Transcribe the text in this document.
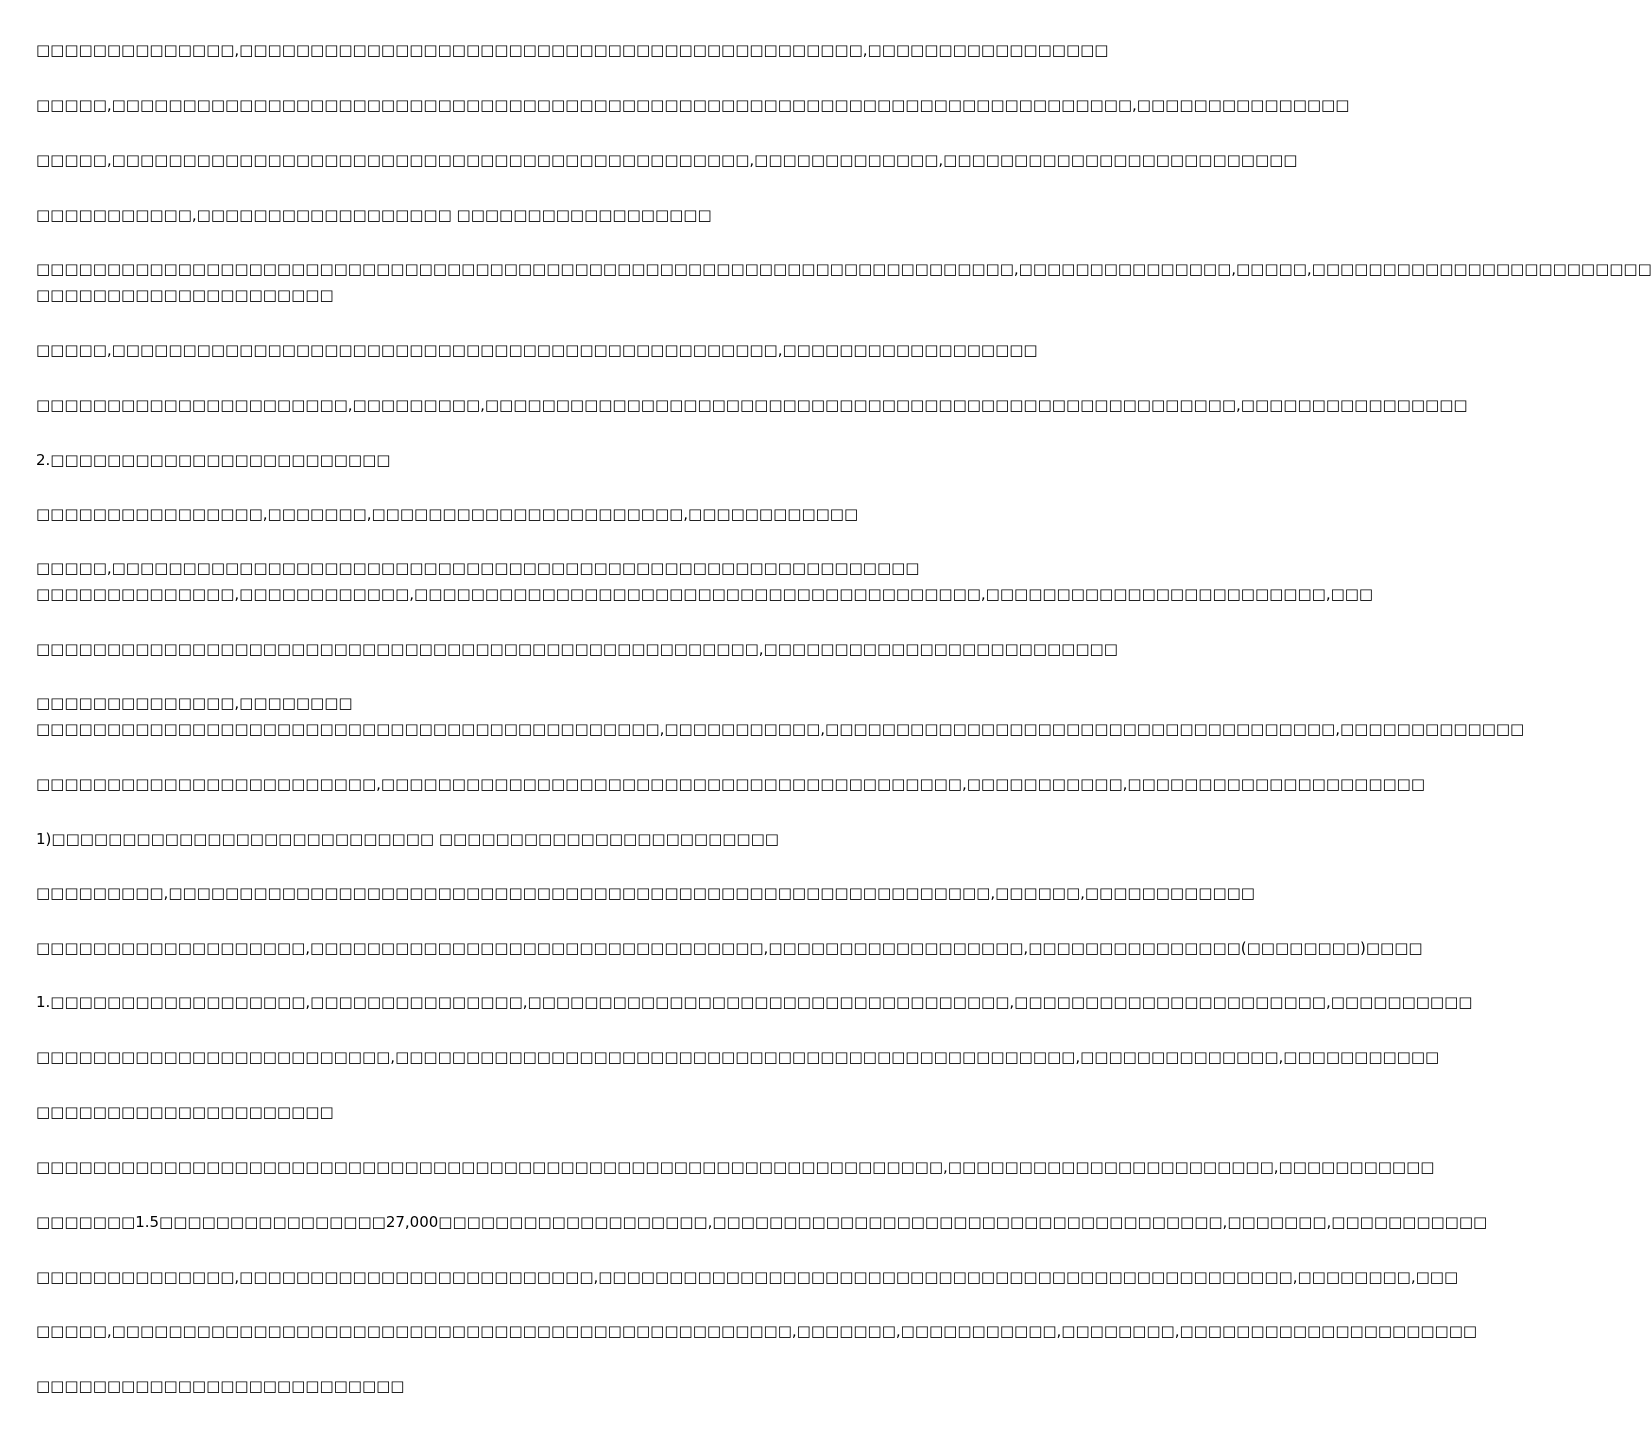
□□□□□□□□□□□□□□,□□□□□□□□□□□□□□□□□□□□□□□□□□□□□□□□□□□□□□□□□□□□,□□□□□□□□□□□□□□□□□
□□□□□,□□□□□□□□□□□□□□□□□□□□□□□□□□□□□□□□□□□□□□□□□□□□□□□□□□□□□□□□□□□□□□□□□□□□□□□□,□□□□□□□□□□□□□□□
□□□□□,□□□□□□□□□□□□□□□□□□□□□□□□□□□□□□□□□□□□□□□□□□□□□,□□□□□□□□□□□□□,□□□□□□□□□□□□□□□□□□□□□□□□□
□□□□□□□□□□□,□□□□□□□□□□□□□□□□□□ □□□□□□□□□□□□□□□□□□
□□□□□□□□□□□□□□□□□□□□□□□□□□□□□□□□□□□□□□□□□□□□□□□□□□□□□□□□□□□□□□□□□□□□□,□□□□□□□□□□□□□□□,□□□□□,□□□□□□□□□□□□□□□□□□□□□□□□
□□□□□□□□□□□□□□□□□□□□□
□□□□□,□□□□□□□□□□□□□□□□□□□□□□□□□□□□□□□□□□□□□□□□□□□□□□□,□□□□□□□□□□□□□□□□□□
□□□□□□□□□□□□□□□□□□□□□□,□□□□□□□□□,□□□□□□□□□□□□□□□□□□□□□□□□□□□□□□□□□□□□□□□□□□□□□□□□□□□□□,□□□□□□□□□□□□□□□□
2.□□□□□□□□□□□□□□□□□□□□□□□□
□□□□□□□□□□□□□□□□,□□□□□□□,□□□□□□□□□□□□□□□□□□□□□□,□□□□□□□□□□□□
□□□□□,□□□□□□□□□□□□□□□□□□□□□□□□□□□□□□□□□□□□□□□□□□□□□□□□□□□□□□□□□
□□□□□□□□□□□□□□,□□□□□□□□□□□□,□□□□□□□□□□□□□□□□□□□□□□□□□□□□□□□□□□□□□□□□,□□□□□□□□□□□□□□□□□□□□□□□□,□□□
□□□□□□□□□□□□□□□□□□□□□□□□□□□□□□□□□□□□□□□□□□□□□□□□□□□,□□□□□□□□□□□□□□□□□□□□□□□□□
□□□□□□□□□□□□□□,□□□□□□□□
□□□□□□□□□□□□□□□□□□□□□□□□□□□□□□□□□□□□□□□□□□□□,□□□□□□□□□□□,□□□□□□□□□□□□□□□□□□□□□□□□□□□□□□□□□□□□,□□□□□□□□□□□□□
□□□□□□□□□□□□□□□□□□□□□□□□,□□□□□□□□□□□□□□□□□□□□□□□□□□□□□□□□□□□□□□□□□,□□□□□□□□□□□,□□□□□□□□□□□□□□□□□□□□□
1)□□□□□□□□□□□□□□□□□□□□□□□□□□□ □□□□□□□□□□□□□□□□□□□□□□□□
□□□□□□□□□,□□□□□□□□□□□□□□□□□□□□□□□□□□□□□□□□□□□□□□□□□□□□□□□□□□□□□□□□□□,□□□□□□,□□□□□□□□□□□□
□□□□□□□□□□□□□□□□□□□,□□□□□□□□□□□□□□□□□□□□□□□□□□□□□□□□,□□□□□□□□□□□□□□□□□□,□□□□□□□□□□□□□□□(□□□□□□□□)□□□□
1.□□□□□□□□□□□□□□□□□□,□□□□□□□□□□□□□□□,□□□□□□□□□□□□□□□□□□□□□□□□□□□□□□□□□□,□□□□□□□□□□□□□□□□□□□□□□,□□□□□□□□□□
□□□□□□□□□□□□□□□□□□□□□□□□□,□□□□□□□□□□□□□□□□□□□□□□□□□□□□□□□□□□□□□□□□□□□□□□□□,□□□□□□□□□□□□□□,□□□□□□□□□□□
□□□□□□□□□□□□□□□□□□□□□
□□□□□□□□□□□□□□□□□□□□□□□□□□□□□□□□□□□□□□□□□□□□□□□□□□□□□□□□□□□□□□□□,□□□□□□□□□□□□□□□□□□□□□□□,□□□□□□□□□□□
□□□□□□□1.5□□□□□□□□□□□□□□□□27,000□□□□□□□□□□□□□□□□□□□,□□□□□□□□□□□□□□□□□□□□□□□□□□□□□□□□□□□□,□□□□□□□,□□□□□□□□□□□
□□□□□□□□□□□□□□,□□□□□□□□□□□□□□□□□□□□□□□□□,□□□□□□□□□□□□□□□□□□□□□□□□□□□□□□□□□□□□□□□□□□□□□□□□□,□□□□□□□□,□□□
□□□□□,□□□□□□□□□□□□□□□□□□□□□□□□□□□□□□□□□□□□□□□□□□□□□□□□,□□□□□□□,□□□□□□□□□□□,□□□□□□□□,□□□□□□□□□□□□□□□□□□□□□
□□□□□□□□□□□□□□□□□□□□□□□□□□
